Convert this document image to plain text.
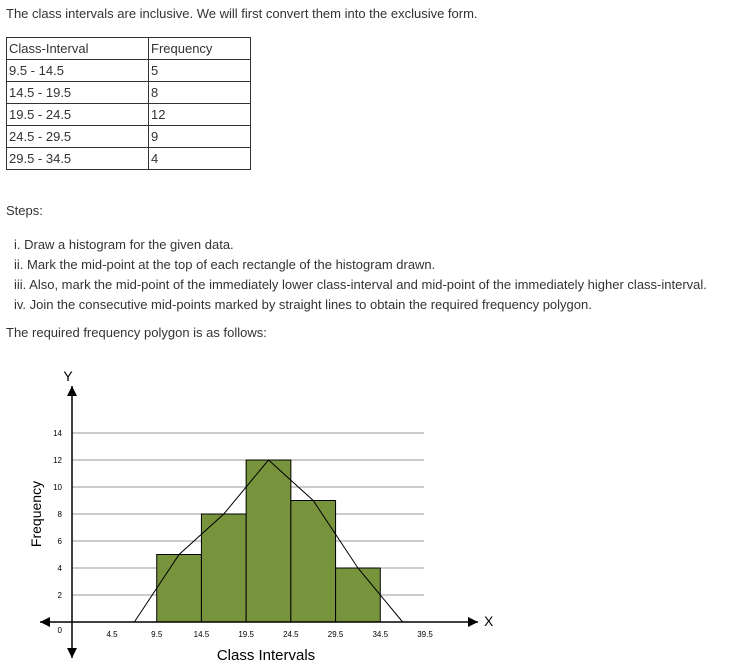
The class intervals are inclusive. We will first convert them into the exclusive form.

Class-Interval	Frequency
9.5 - 14.5	5
14.5 - 19.5	8
19.5 - 24.5	12
24.5 - 29.5	9
29.5 - 34.5	4

Steps:

i. Draw a histogram for the given data.
ii. Mark the mid-point at the top of each rectangle of the histogram drawn.
iii. Also, mark the mid-point of the immediately lower class-interval and mid-point of the immediately higher class-interval.
iv. Join the consecutive mid-points marked by straight lines to obtain the required frequency polygon.

The required frequency polygon is as follows:

0
2
4
6
8
10
12
14
4.5	9.5	14.5	19.5	24.5	29.5	34.5	39.5
Y
X
Class Intervals
Frequency
